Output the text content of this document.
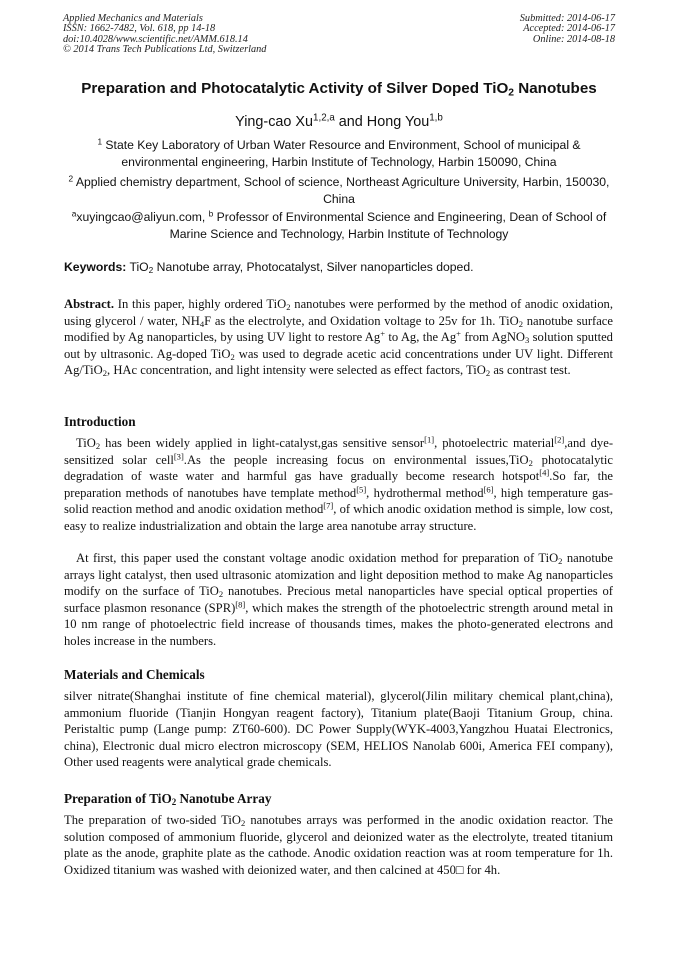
Applied Mechanics and Materials
ISSN: 1662-7482, Vol. 618, pp 14-18
doi:10.4028/www.scientific.net/AMM.618.14
© 2014 Trans Tech Publications Ltd, Switzerland
Submitted: 2014-06-17
Accepted: 2014-06-17
Online: 2014-08-18
Preparation and Photocatalytic Activity of Silver Doped TiO$_2$ Nanotubes
Ying-cao Xu$^{1,2,a}$ and Hong You$^{1,b}$
$^1$ State Key Laboratory of Urban Water Resource and Environment, School of municipal & environmental engineering, Harbin Institute of Technology, Harbin 150090, China
$^2$ Applied chemistry department, School of science, Northeast Agriculture University, Harbin, 150030, China
$^a$xuyingcao@aliyun.com, $^b$ Professor of Environmental Science and Engineering, Dean of School of Marine Science and Technology, Harbin Institute of Technology
Keywords: TiO$_2$ Nanotube array, Photocatalyst, Silver nanoparticles doped.
Abstract. In this paper, highly ordered TiO$_2$ nanotubes were performed by the method of anodic oxidation, using glycerol / water, $NH_4F$ as the electrolyte, and Oxidation voltage to 25v for 1h. TiO$_2$ nanotube surface modified by Ag nanoparticles, by using UV light to restore Ag+ to Ag, the Ag+ from AgNO$_3$ solution sputted out by ultrasonic. Ag-doped TiO$_2$ was used to degrade acetic acid concentrations under UV light. Different Ag/TiO$_2$, HAc concentration, and light intensity were selected as effect factors, TiO$_2$ as contrast test.
Introduction
TiO$_2$ has been widely applied in light-catalyst,gas sensitive sensor[1], photoelectric material[2],and dye-sensitized solar cell[3].As the people increasing focus on environmental issues,TiO$_2$ photocatalytic degradation of waste water and harmful gas have gradually become research hotspot[4].So far, the preparation methods of nanotubes have template method[5], hydrothermal method[6], high temperature gas-solid reaction method and anodic oxidation method[7], of which anodic oxidation method is simple, low cost, easy to realize industrialization and obtain the large area nanotube array structure.
At first, this paper used the constant voltage anodic oxidation method for preparation of TiO$_2$ nanotube arrays light catalyst, then used ultrasonic atomization and light deposition method to make Ag nanoparticles modify on the surface of TiO$_2$ nanotubes. Precious metal nanoparticles have special optical properties of surface plasmon resonance (SPR)[8], which makes the strength of the photoelectric strength around metal in 10 nm range of photoelectric field increase of thousands times, makes the photo-generated electrons and holes increase in the numbers.
Materials and Chemicals
silver nitrate(Shanghai institute of fine chemical material), glycerol(Jilin military chemical plant,china), ammonium fluoride (Tianjin Hongyan reagent factory), Titanium plate(Baoji Titanium Group, china. Peristaltic pump (Lange pump: ZT60-600). DC Power Supply(WYK-4003,Yangzhou Huatai Electronics, china), Electronic dual micro electron microscopy (SEM, HELIOS Nanolab 600i, America FEI company), Other used reagents were analytical grade chemicals.
Preparation of TiO$_2$ Nanotube Array
The preparation of two-sided TiO$_2$ nanotubes arrays was performed in the anodic oxidation reactor. The solution composed of ammonium fluoride, glycerol and deionized water as the electrolyte, treated titanium plate as the anode, graphite plate as the cathode. Anodic oxidation reaction was at room temperature for 1h. Oxidized titanium was washed with deionized water, and then calcined at 450□ for 4h.
